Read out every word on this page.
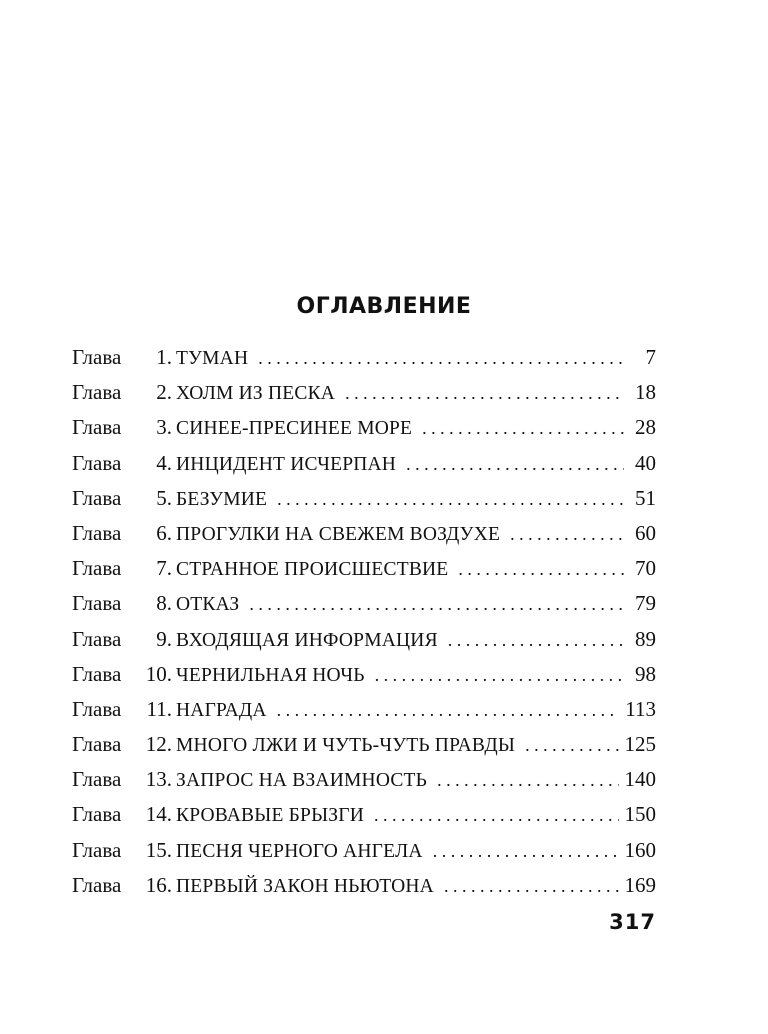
ОГЛАВЛЕНИЕ
Глава	1. ТУМАН . . .	7
Глава	2. ХОЛМ ИЗ ПЕСКА . . .	18
Глава	3. СИНЕЕ-ПРЕСИНЕЕ МОРЕ . . .	28
Глава	4. ИНЦИДЕНТ ИСЧЕРПАН . . .	40
Глава	5. БЕЗУМИЕ . . .	51
Глава	6. ПРОГУЛКИ НА СВЕЖЕМ ВОЗДУХЕ . . .	60
Глава	7. СТРАННОЕ ПРОИСШЕСТВИЕ . . .	70
Глава	8. ОТКАЗ . . .	79
Глава	9. ВХОДЯЩАЯ ИНФОРМАЦИЯ . . .	89
Глава	10. ЧЕРНИЛЬНАЯ НОЧЬ . . .	98
Глава	11. НАГРАДА . . .	113
Глава	12. МНОГО ЛЖИ И ЧУТЬ-ЧУТЬ ПРАВДЫ . . .	125
Глава	13. ЗАПРОС НА ВЗАИМНОСТЬ . . .	140
Глава	14. КРОВАВЫЕ БРЫЗГИ . . .	150
Глава	15. ПЕСНЯ ЧЕРНОГО АНГЕЛА . . .	160
Глава	16. ПЕРВЫЙ ЗАКОН НЬЮТОНА . . .	169
317
